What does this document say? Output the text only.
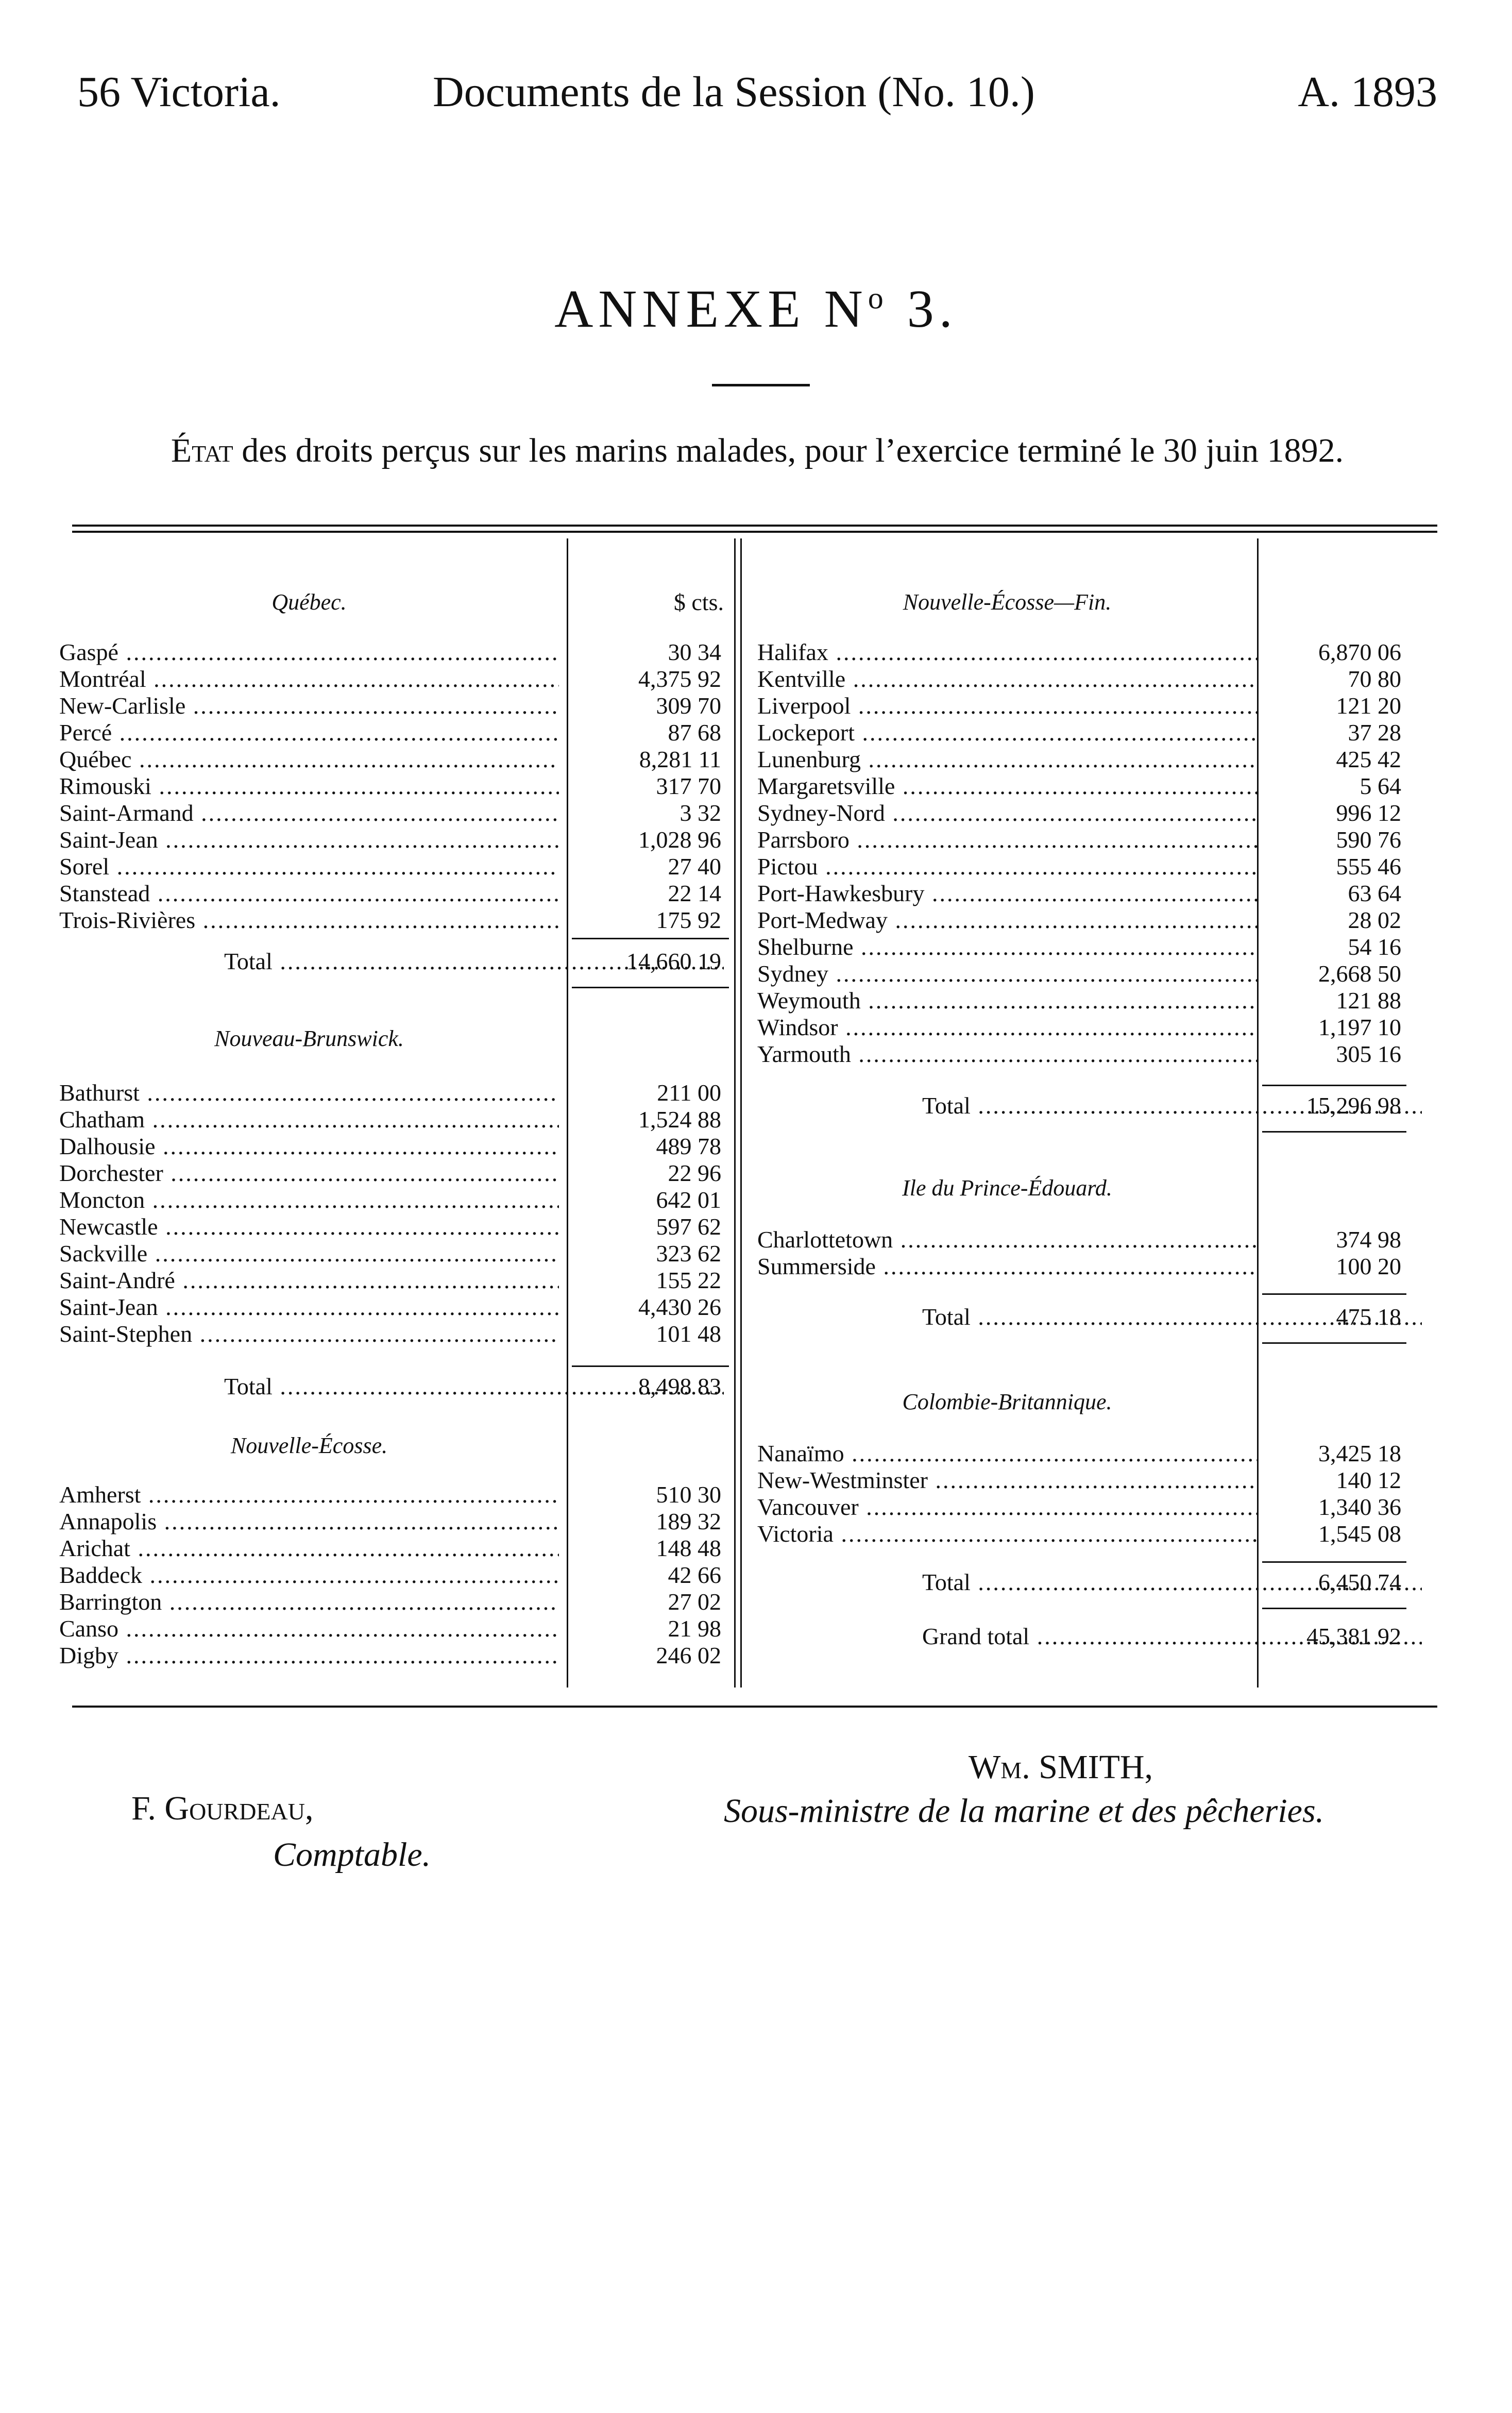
56 Victoria.	Documents de la Session (No. 10.)	A. 1893
ANNEXE $N^o$ 3.
État des droits perçus sur les marins malades, pour l’exercice terminé le 30 juin 1892.
$ cts.
Québec.
Gaspé .....	30 34
Montréal .....	4,375 92
New-Carlisle .....	309 70
Percé .....	87 68
Québec .....	8,281 11
Rimouski .....	317 70
Saint-Armand .....	3 32
Saint-Jean .....	1,028 96
Sorel .....	27 40
Stanstead .....	22 14
Trois-Rivières .....	175 92
Total .....	14,660 19
Nouveau-Brunswick.
Bathurst .....	211 00
Chatham .....	1,524 88
Dalhousie .....	489 78
Dorchester .....	22 96
Moncton .....	642 01
Newcastle .....	597 62
Sackville .....	323 62
Saint-André .....	155 22
Saint-Jean .....	4,430 26
Saint-Stephen .....	101 48
Total .....	8,498 83
Nouvelle-Écosse.
Amherst .....	510 30
Annapolis .....	189 32
Arichat .....	148 48
Baddeck .....	42 66
Barrington .....	27 02
Canso .....	21 98
Digby .....	246 02
Nouvelle-Écosse—Fin.
Halifax .....	6,870 06
Kentville .....	70 80
Liverpool .....	121 20
Lockeport .....	37 28
Lunenburg .....	425 42
Margaretsville .....	5 64
Sydney-Nord .....	996 12
Parrsboro .....	590 76
Pictou .....	555 46
Port-Hawkesbury .....	63 64
Port-Medway .....	28 02
Shelburne .....	54 16
Sydney .....	2,668 50
Weymouth .....	121 88
Windsor .....	1,197 10
Yarmouth .....	305 16
Total .....	15,296 98
Ile du Prince-Édouard.
Charlottetown .....	374 98
Summerside .....	100 20
Total .....	475 18
Colombie-Britannique.
Nanaïmo .....	3,425 18
New-Westminster .....	140 12
Vancouver .....	1,340 36
Victoria .....	1,545 08
Total .....	6,450 74
Grand total .....	45,381 92
F. Gourdeau,
Comptable.
Wm. SMITH,
Sous-ministre de la marine et des pêcheries.
